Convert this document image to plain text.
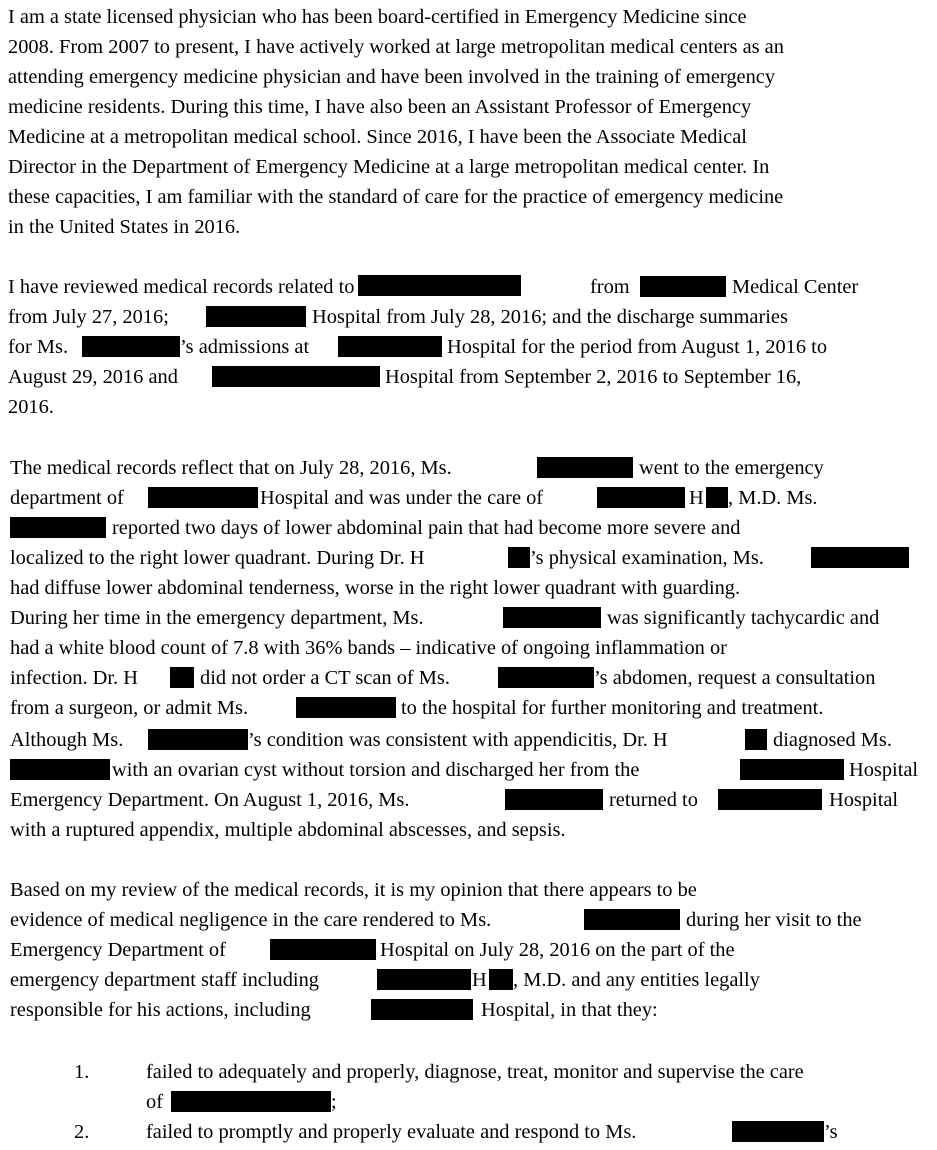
I am a state licensed physician who has been board-certified in Emergency Medicine since
2008. From 2007 to present, I have actively worked at large metropolitan medical centers as an
attending emergency medicine physician and have been involved in the training of emergency
medicine residents. During this time, I have also been an Assistant Professor of Emergency
Medicine at a metropolitan medical school. Since 2016, I have been the Associate Medical
Director in the Department of Emergency Medicine at a large metropolitan medical center. In
these capacities, I am familiar with the standard of care for the practice of emergency medicine
in the United States in 2016.
I have reviewed medical records related to	from	Medical Center
from July 27, 2016;	Hospital from July 28, 2016; and the discharge summaries
for Ms.	’s admissions at	Hospital for the period from August 1, 2016 to
August 29, 2016 and	Hospital from September 2, 2016 to September 16,
2016.
The medical records reflect that on July 28, 2016, Ms.	went to the emergency
department of	Hospital and was under the care of	H , M.D. Ms.
reported two days of lower abdominal pain that had become more severe and
localized to the right lower quadrant. During Dr. H	’s physical examination, Ms.
had diffuse lower abdominal tenderness, worse in the right lower quadrant with guarding.
During her time in the emergency department, Ms.	was significantly tachycardic and
had a white blood count of 7.8 with 36% bands – indicative of ongoing inflammation or
infection. Dr. H	did not order a CT scan of Ms.	’s abdomen, request a consultation
from a surgeon, or admit Ms.	to the hospital for further monitoring and treatment.
Although Ms.	’s condition was consistent with appendicitis, Dr. H	diagnosed Ms.
with an ovarian cyst without torsion and discharged her from the	Hospital
Emergency Department. On August 1, 2016, Ms.	returned to	Hospital
with a ruptured appendix, multiple abdominal abscesses, and sepsis.
Based on my review of the medical records, it is my opinion that there appears to be
evidence of medical negligence in the care rendered to Ms.	during her visit to the
Emergency Department of	Hospital on July 28, 2016 on the part of the
emergency department staff including	H , M.D. and any entities legally
responsible for his actions, including	Hospital, in that they:
1.	failed to adequately and properly, diagnose, treat, monitor and supervise the care
of	;
2.	failed to promptly and properly evaluate and respond to Ms.	’s
